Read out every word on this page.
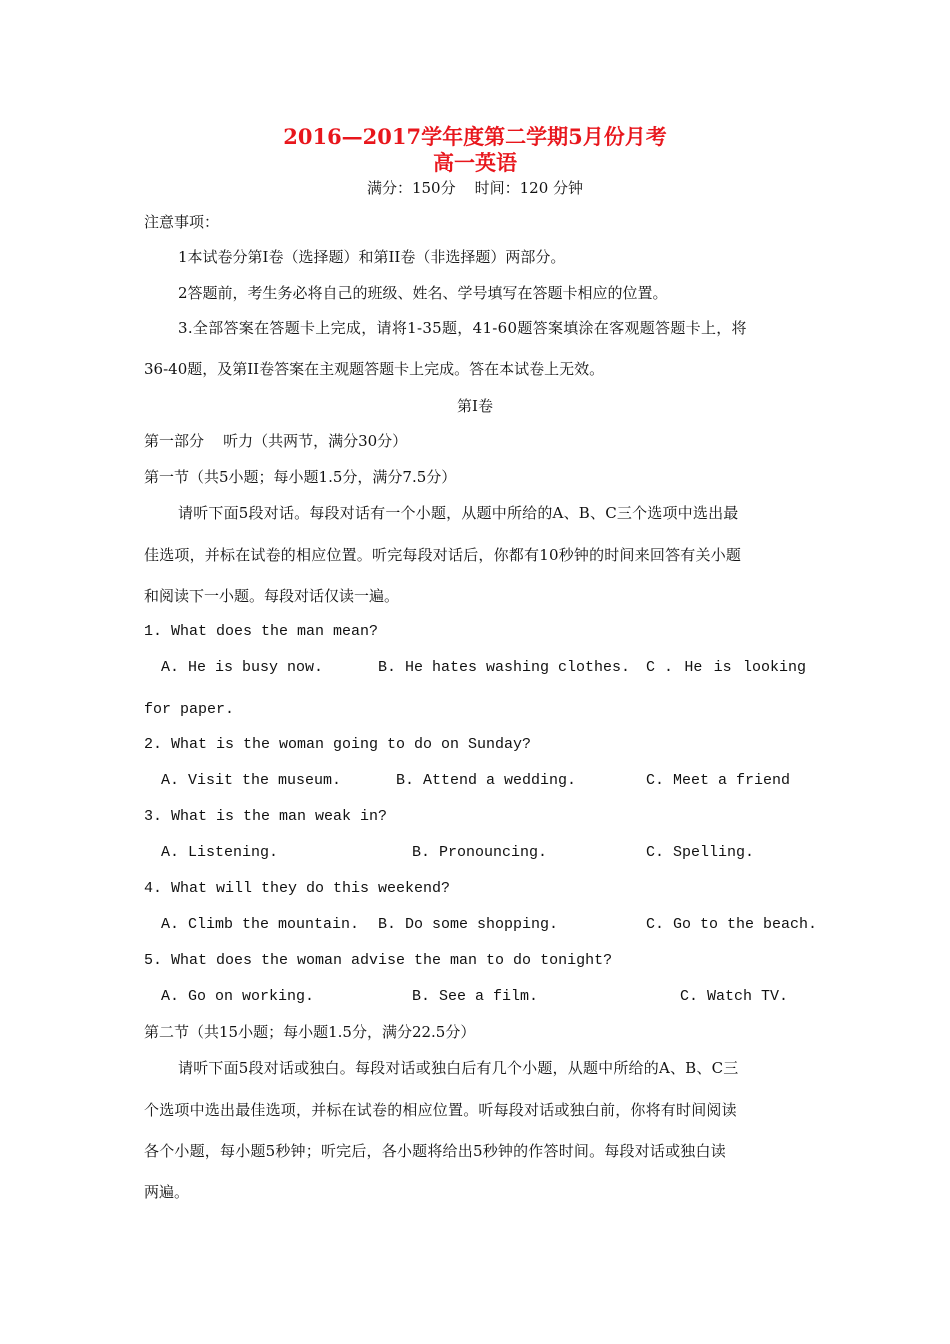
2016—2017学年度第二学期5月份月考
高一英语
满分：150分    时间：120 分钟
注意事项：
1本试卷分第I卷（选择题）和第II卷（非选择题）两部分。
2答题前，考生务必将自己的班级、姓名、学号填写在答题卡相应的位置。
3.全部答案在答题卡上完成，请将1-35题，41-60题答案填涂在客观题答题卡上，将
36-40题，及第II卷答案在主观题答题卡上完成。答在本试卷上无效。
第I卷
第一部分    听力（共两节，满分30分）
第一节（共5小题；每小题1.5分，满分7.5分）
请听下面5段对话。每段对话有一个小题，从题中所给的A、B、C三个选项中选出最
佳选项，并标在试卷的相应位置。听完每段对话后，你都有10秒钟的时间来回答有关小题
和阅读下一小题。每段对话仅读一遍。
1. What does the man mean?
A. He is busy now.	B. He hates washing clothes. C . He is looking
for paper.
2. What is the woman going to do on Sunday?
A. Visit the museum.	B. Attend a wedding.	C. Meet a friend
3. What is the man weak in?
A. Listening.	B. Pronouncing.	C. Spelling.
4. What will they do this weekend?
A. Climb the mountain. B. Do some shopping.	C. Go to the beach.
5. What does the woman advise the man to do tonight?
A. Go on working.	B. See a film.	C. Watch TV.
第二节（共15小题；每小题1.5分，满分22.5分）
请听下面5段对话或独白。每段对话或独白后有几个小题，从题中所给的A、B、C三
个选项中选出最佳选项，并标在试卷的相应位置。听每段对话或独白前，你将有时间阅读
各个小题，每小题5秒钟；听完后，各小题将给出5秒钟的作答时间。每段对话或独白读
两遍。
